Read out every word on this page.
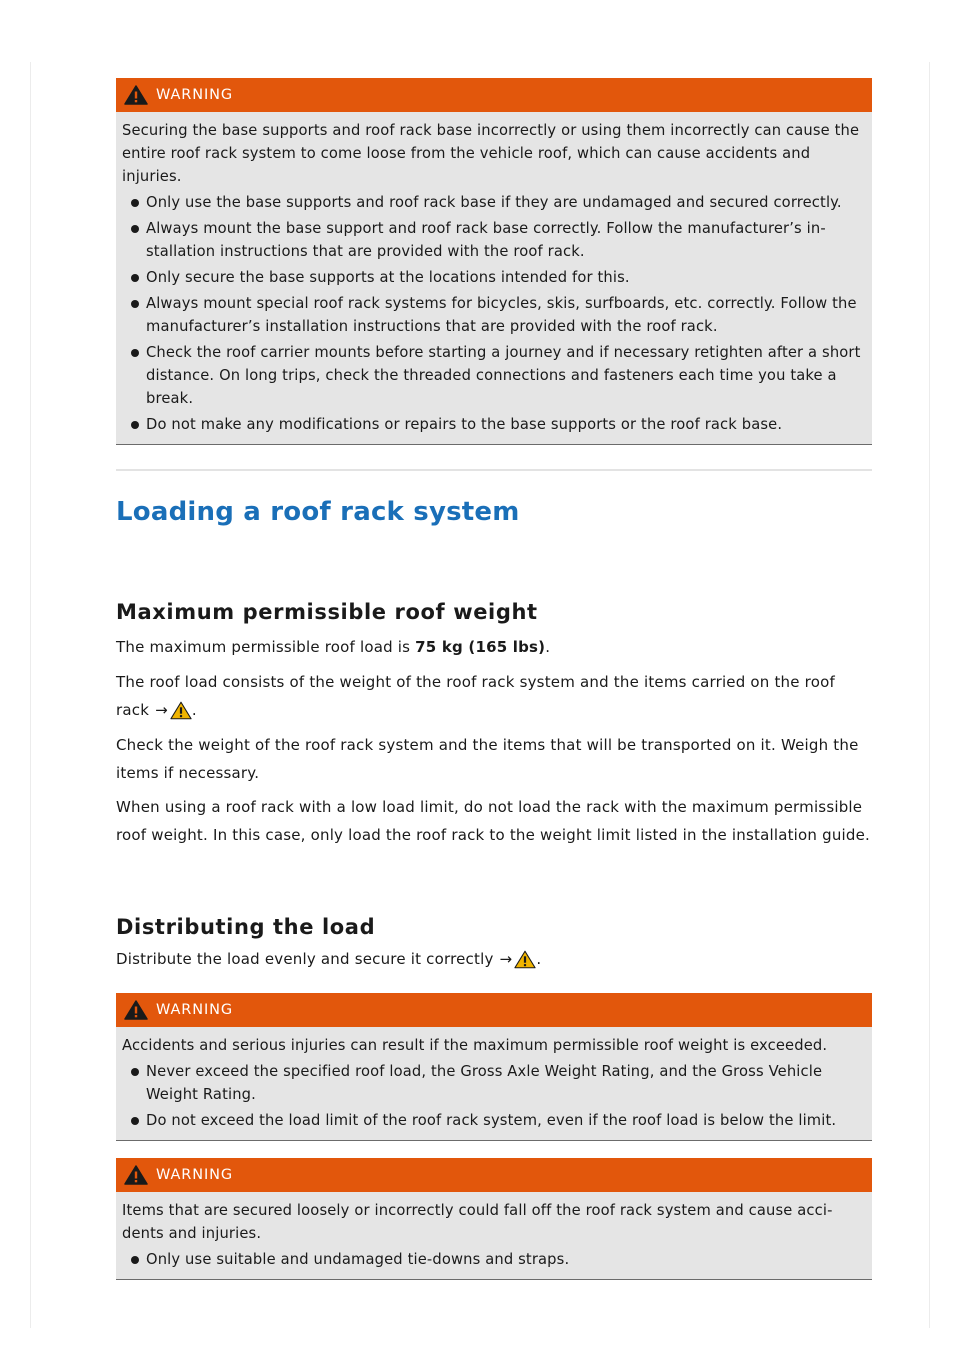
WARNING
Securing the base supports and roof rack base incorrectly or using them incorrectly can cause the entire roof rack system to come loose from the vehicle roof, which can cause accidents and injuries.
Only use the base supports and roof rack base if they are undamaged and secured correctly.
Always mount the base support and roof rack base correctly. Follow the manufacturer’s in-stallation instructions that are provided with the roof rack.
Only secure the base supports at the locations intended for this.
Always mount special roof rack systems for bicycles, skis, surfboards, etc. correctly. Follow the manufacturer’s installation instructions that are provided with the roof rack.
Check the roof carrier mounts before starting a journey and if necessary retighten after a short distance. On long trips, check the threaded connections and fasteners each time you take a break.
Do not make any modifications or repairs to the base supports or the roof rack base.
Loading a roof rack system
Maximum permissible roof weight

The maximum permissible roof load is 75 kg (165 lbs).

The roof load consists of the weight of the roof rack system and the items carried on the roof rack → .

Check the weight of the roof rack system and the items that will be transported on it. Weigh the items if necessary.

When using a roof rack with a low load limit, do not load the rack with the maximum permissible roof weight. In this case, only load the roof rack to the weight limit listed in the installation guide.

Distributing the load

Distribute the load evenly and secure it correctly → .

WARNING
Accidents and serious injuries can result if the maximum permissible roof weight is exceeded.
Never exceed the specified roof load, the Gross Axle Weight Rating, and the Gross Vehicle Weight Rating.
Do not exceed the load limit of the roof rack system, even if the roof load is below the limit.
WARNING
Items that are secured loosely or incorrectly could fall off the roof rack system and cause acci-dents and injuries.
Only use suitable and undamaged tie-downs and straps.
